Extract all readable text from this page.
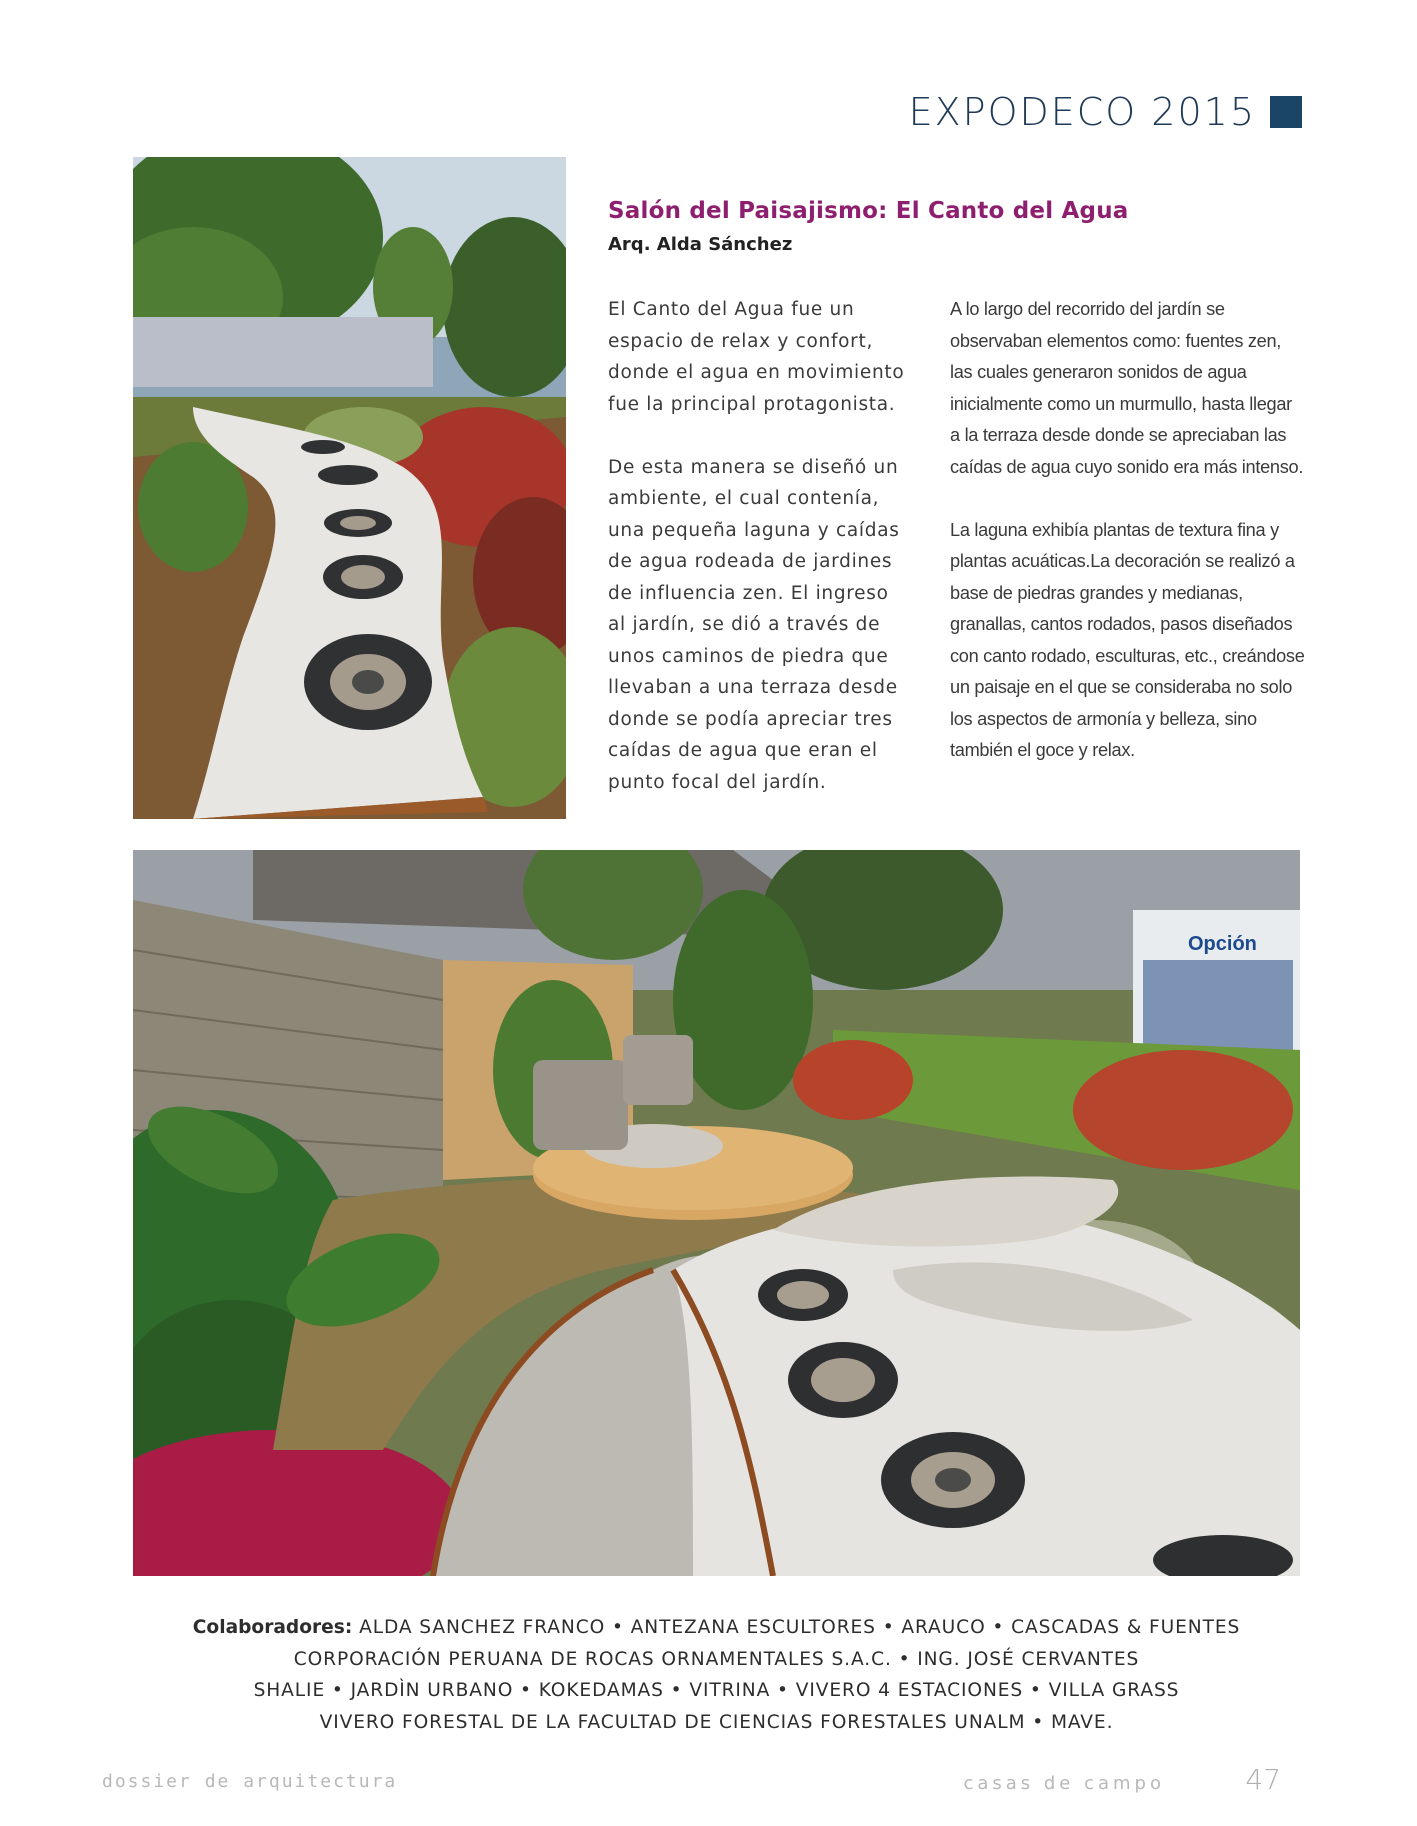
EXPODECO 2015
Salón del Paisajismo: El Canto del Agua
Arq. Alda Sánchez

El Canto del Agua fue un espacio de relax y confort, donde el agua en movimiento fue la principal protagonista.

De esta manera se diseñó un ambiente, el cual contenía, una pequeña laguna y caídas de agua rodeada de jardines de influencia zen. El ingreso al jardín, se dió a través de unos caminos de piedra que llevaban a una terraza desde donde se podía apreciar tres caídas de agua que eran el punto focal del jardín.

A lo largo del recorrido del jardín se observaban elementos como: fuentes zen, las cuales generaron sonidos de agua inicialmente como un murmullo, hasta llegar a la terraza desde donde se apreciaban las caídas de agua cuyo sonido era más intenso.

La laguna exhibía plantas de textura fina y plantas acuáticas.La decoración se realizó a base de piedras grandes y medianas, granallas, cantos rodados, pasos diseñados con canto rodado, esculturas, etc., creándose un paisaje en el que se consideraba no solo los aspectos de armonía y belleza, sino también el goce y relax.

Opción
Colaboradores: ALDA SANCHEZ FRANCO • ANTEZANA ESCULTORES • ARAUCO • CASCADAS & FUENTES
CORPORACIÓN PERUANA DE ROCAS ORNAMENTALES S.A.C. • ING. JOSÉ CERVANTES
SHALIE • JARDÌN URBANO • KOKEDAMAS • VITRINA • VIVERO 4 ESTACIONES • VILLA GRASS
VIVERO FORESTAL DE LA FACULTAD DE CIENCIAS FORESTALES UNALM • MAVE.
dossier de arquitectura	casas de campo	47
